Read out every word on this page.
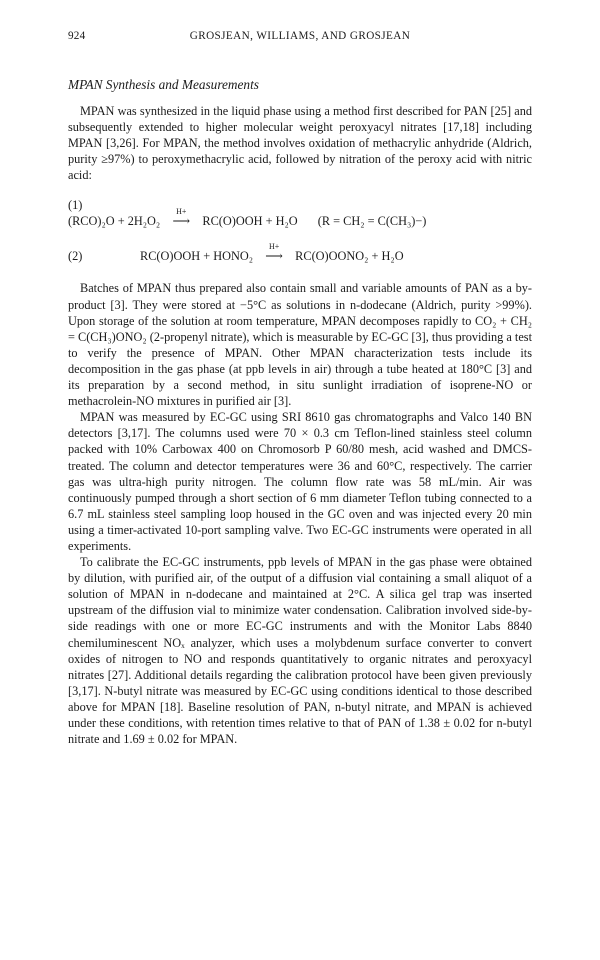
924	GROSJEAN, WILLIAMS, AND GROSJEAN
MPAN Synthesis and Measurements

MPAN was synthesized in the liquid phase using a method first described for PAN [25] and subsequently extended to higher molecular weight peroxyacyl nitrates [17,18] including MPAN [3,26]. For MPAN, the method involves oxidation of methacrylic anhydride (Aldrich, purity ≥97%) to peroxymethacrylic acid, followed by nitration of the peroxy acid with nitric acid:

(1)
(RCO)₂O + 2H₂O₂
H+
⟶ RC(O)OOH + H₂O (R = CH₂ = C(CH₃)−)
(2)	RC(O)OOH + HONO₂
H+
⟶ RC(O)OONO₂ + H₂O

Batches of MPAN thus prepared also contain small and variable amounts of PAN as a by-product [3]. They were stored at −5°C as solutions in n-dodecane (Aldrich, purity >99%). Upon storage of the solution at room temperature, MPAN decomposes rapidly to CO₂ + CH₂ = C(CH₃)ONO₂ (2-propenyl nitrate), which is measurable by EC-GC [3], thus providing a test to verify the presence of MPAN. Other MPAN characterization tests include its decomposition in the gas phase (at ppb levels in air) through a tube heated at 180°C [3] and its preparation by a second method, in situ sunlight irradiation of isoprene-NO or methacrolein-NO mixtures in purified air [3].

MPAN was measured by EC-GC using SRI 8610 gas chromatographs and Valco 140 BN detectors [3,17]. The columns used were 70 × 0.3 cm Teflon-lined stainless steel column packed with 10% Carbowax 400 on Chromosorb P 60/80 mesh, acid washed and DMCS-treated. The column and detector temperatures were 36 and 60°C, respectively. The carrier gas was ultra-high purity nitrogen. The column flow rate was 58 mL/min. Air was continuously pumped through a short section of 6 mm diameter Teflon tubing connected to a 6.7 mL stainless steel sampling loop housed in the GC oven and was injected every 20 min using a timer-activated 10-port sampling valve. Two EC-GC instruments were operated in all experiments.

To calibrate the EC-GC instruments, ppb levels of MPAN in the gas phase were obtained by dilution, with purified air, of the output of a diffusion vial containing a small aliquot of a solution of MPAN in n-dodecane and maintained at 2°C. A silica gel trap was inserted upstream of the diffusion vial to minimize water condensation. Calibration involved side-by-side readings with one or more EC-GC instruments and with the Monitor Labs 8840 chemiluminescent NOₓ analyzer, which uses a molybdenum surface converter to convert oxides of nitrogen to NO and responds quantitatively to organic nitrates and peroxyacyl nitrates [27]. Additional details regarding the calibration protocol have been given previously [3,17]. N-butyl nitrate was measured by EC-GC using conditions identical to those described above for MPAN [18]. Baseline resolution of PAN, n-butyl nitrate, and MPAN is achieved under these conditions, with retention times relative to that of PAN of 1.38 ± 0.02 for n-butyl nitrate and 1.69 ± 0.02 for MPAN.
